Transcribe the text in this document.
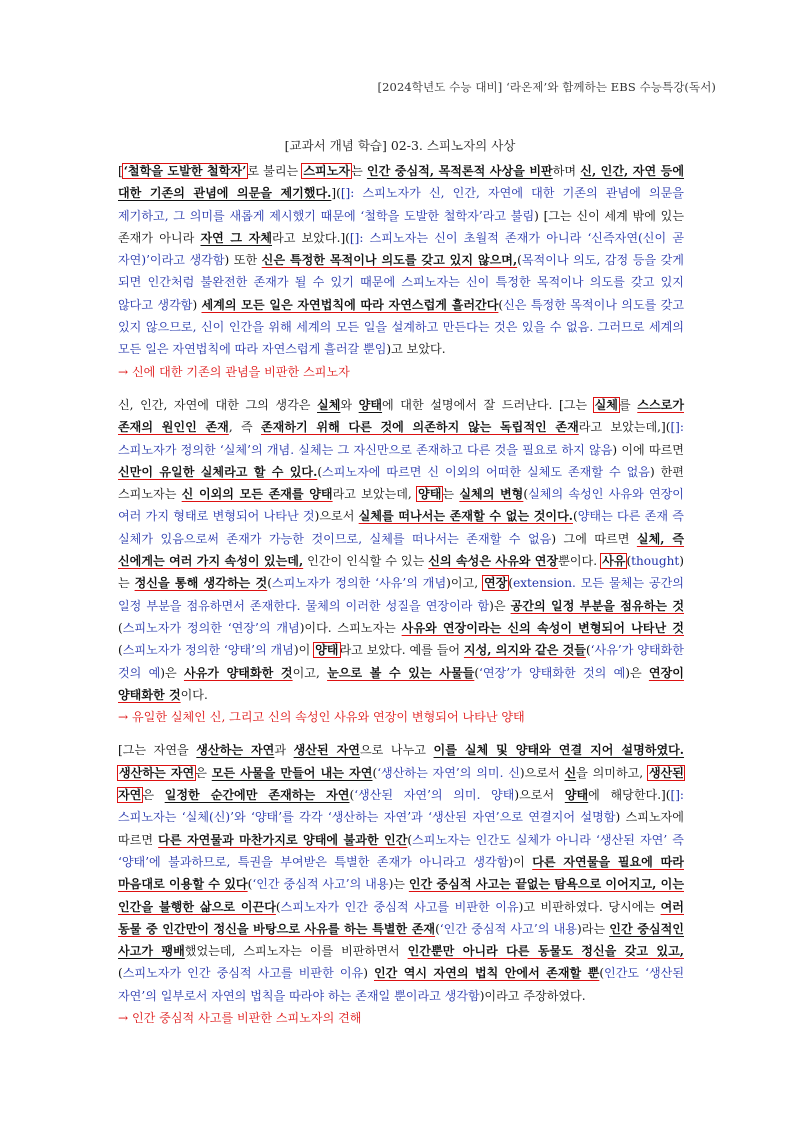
[2024학년도 수능 대비] ‘라온제’와 함께하는 EBS 수능특강(독서)
[교과서 개념 학습] 02-3. 스피노자의 사상

[‘철학을 도발한 철학자’로 불리는 스피노자는 인간 중심적, 목적론적 사상을 비판하며 신, 인간, 자연 등에 대한 기존의 관념에 의문을 제기했다.]([]: 스피노자가 신, 인간, 자연에 대한 기존의 관념에 의문을 제기하고, 그 의미를 새롭게 제시했기 때문에 ‘철학을 도발한 철학자’라고 불림) [그는 신이 세계 밖에 있는 존재가 아니라 자연 그 자체라고 보았다.]([]: 스피노자는 신이 초월적 존재가 아니라 ‘신즉자연(신이 곧 자연)’이라고 생각함) 또한 신은 특정한 목적이나 의도를 갖고 있지 않으며,(목적이나 의도, 감정 등을 갖게 되면 인간처럼 불완전한 존재가 될 수 있기 때문에 스피노자는 신이 특정한 목적이나 의도를 갖고 있지 않다고 생각함) 세계의 모든 일은 자연법칙에 따라 자연스럽게 흘러간다(신은 특정한 목적이나 의도를 갖고 있지 않으므로, 신이 인간을 위해 세계의 모든 일을 설계하고 만든다는 것은 있을 수 없음. 그러므로 세계의 모든 일은 자연법칙에 따라 자연스럽게 흘러갈 뿐임)고 보았다.
→ 신에 대한 기존의 관념을 비판한 스피노자

신, 인간, 자연에 대한 그의 생각은 실체와 양태에 대한 설명에서 잘 드러난다. [그는 실체를 스스로가 존재의 원인인 존재, 즉 존재하기 위해 다른 것에 의존하지 않는 독립적인 존재라고 보았는데,]([]: 스피노자가 정의한 ‘실체’의 개념. 실체는 그 자신만으로 존재하고 다른 것을 필요로 하지 않음) 이에 따르면 신만이 유일한 실체라고 할 수 있다.(스피노자에 따르면 신 이외의 어떠한 실체도 존재할 수 없음) 한편 스피노자는 신 이외의 모든 존재를 양태라고 보았는데, 양태는 실체의 변형(실체의 속성인 사유와 연장이 여러 가지 형태로 변형되어 나타난 것)으로서 실체를 떠나서는 존재할 수 없는 것이다.(양태는 다른 존재 즉 실체가 있음으로써 존재가 가능한 것이므로, 실체를 떠나서는 존재할 수 없음) 그에 따르면 실체, 즉 신에게는 여러 가지 속성이 있는데, 인간이 인식할 수 있는 신의 속성은 사유와 연장뿐이다. 사유(thought)는 정신을 통해 생각하는 것(스피노자가 정의한 ‘사유’의 개념)이고, 연장(extension. 모든 물체는 공간의 일정 부분을 점유하면서 존재한다. 물체의 이러한 성질을 연장이라 함)은 공간의 일정 부분을 점유하는 것(스피노자가 정의한 ‘연장’의 개념)이다. 스피노자는 사유와 연장이라는 신의 속성이 변형되어 나타난 것(스피노자가 정의한 ‘양태’의 개념)이 양태라고 보았다. 예를 들어 지성, 의지와 같은 것들(‘사유’가 양태화한 것의 예)은 사유가 양태화한 것이고, 눈으로 볼 수 있는 사물들(‘연장’가 양태화한 것의 예)은 연장이 양태화한 것이다.
→ 유일한 실체인 신, 그리고 신의 속성인 사유와 연장이 변형되어 나타난 양태

[그는 자연을 생산하는 자연과 생산된 자연으로 나누고 이를 실체 및 양태와 연결 지어 설명하였다. 생산하는 자연은 모든 사물을 만들어 내는 자연(‘생산하는 자연’의 의미. 신)으로서 신을 의미하고, 생산된 자연은 일정한 순간에만 존재하는 자연(‘생산된 자연’의 의미. 양태)으로서 양태에 해당한다.]([]: 스피노자는 ‘실체(신)’와 ‘양태’를 각각 ‘생산하는 자연’과 ‘생산된 자연’으로 연결지어 설명함) 스피노자에 따르면 다른 자연물과 마찬가지로 양태에 불과한 인간(스피노자는 인간도 실체가 아니라 ‘생산된 자연’ 즉 ‘양태’에 불과하므로, 특권을 부여받은 특별한 존재가 아니라고 생각함)이 다른 자연물을 필요에 따라 마음대로 이용할 수 있다(‘인간 중심적 사고’의 내용)는 인간 중심적 사고는 끝없는 탐욕으로 이어지고, 이는 인간을 불행한 삶으로 이끈다(스피노자가 인간 중심적 사고를 비판한 이유)고 비판하였다. 당시에는 여러 동물 중 인간만이 정신을 바탕으로 사유를 하는 특별한 존재(‘인간 중심적 사고’의 내용)라는 인간 중심적인 사고가 팽배했었는데, 스피노자는 이를 비판하면서 인간뿐만 아니라 다른 동물도 정신을 갖고 있고,(스피노자가 인간 중심적 사고를 비판한 이유) 인간 역시 자연의 법칙 안에서 존재할 뿐(인간도 ‘생산된 자연’의 일부로서 자연의 법칙을 따라야 하는 존재일 뿐이라고 생각함)이라고 주장하였다.
→ 인간 중심적 사고를 비판한 스피노자의 견해
